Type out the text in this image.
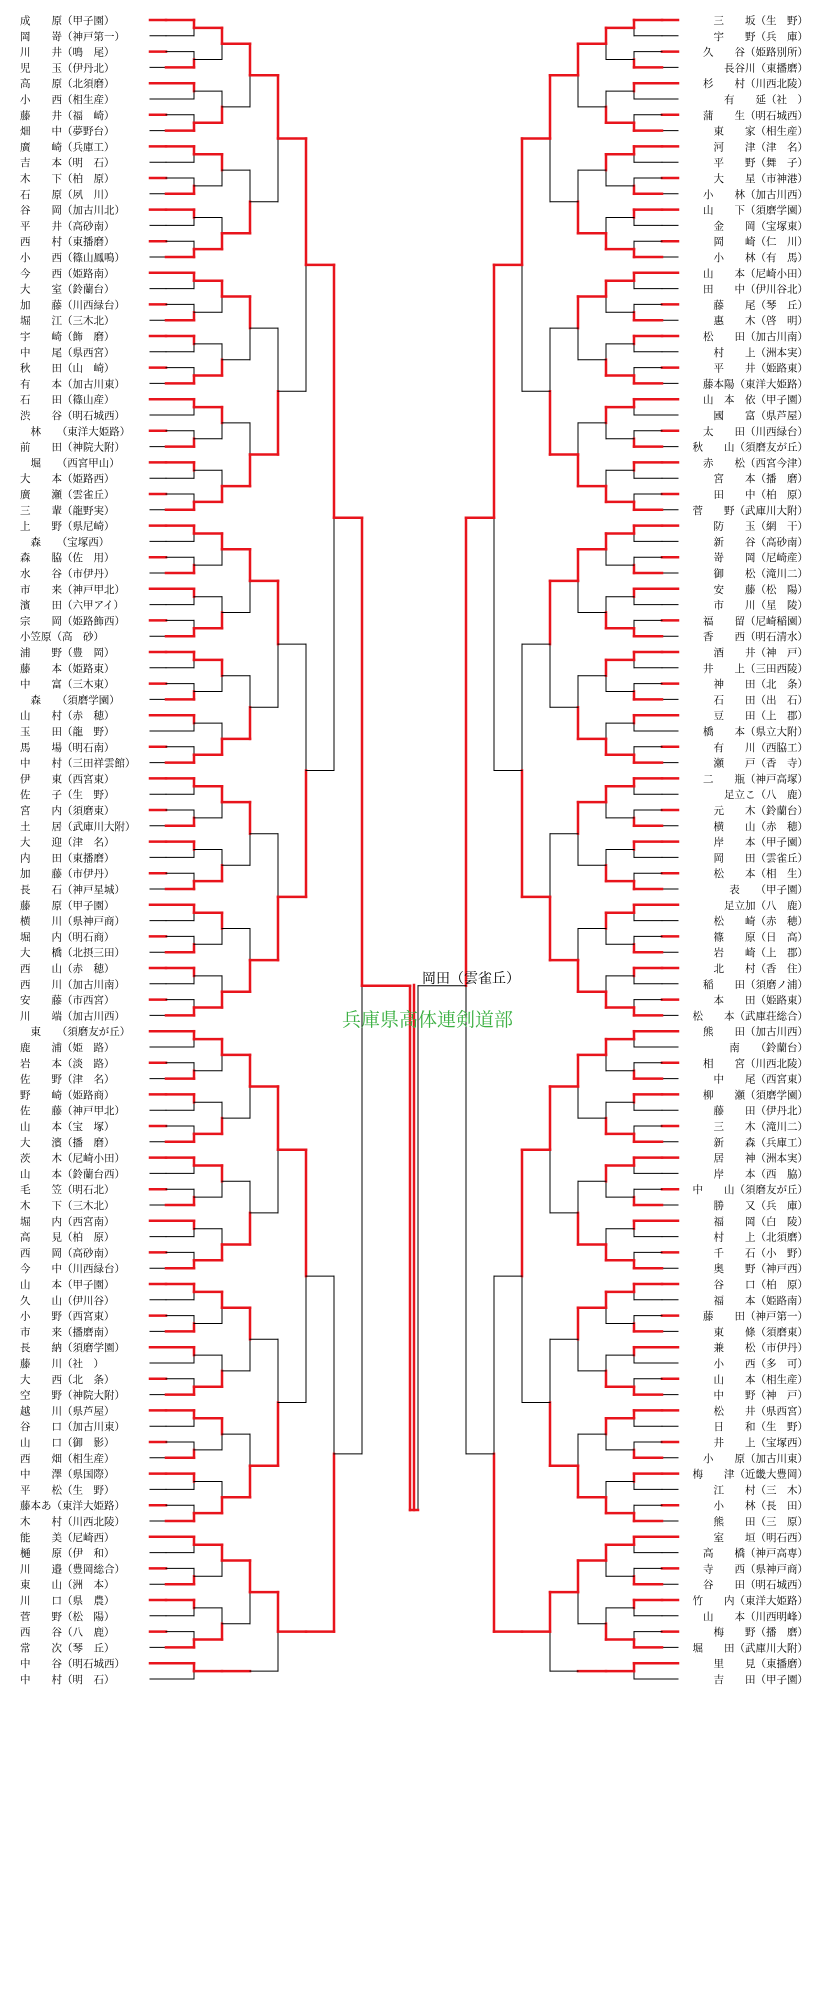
成　　原（甲子園）
岡　　嵜（神戸第一）
川　　井（鳴　尾）
児　　玉（伊丹北）
高　　原（北須磨）
小　　西（相生産）
藤　　井（福　崎）
畑　　中（夢野台）
廣　　崎（兵庫工）
吉　　本（明　石）
木　　下（柏　原）
石　　原（夙　川）
谷　　岡（加古川北）
平　　井（高砂南）
西　　村（東播磨）
小　　西（篠山鳳鳴）
今　　西（姫路南）
大　　室（鈴蘭台）
加　　藤（川西緑台）
堀　　江（三木北）
宇　　崎（飾　磨）
中　　尾（県西宮）
秋　　田（山　崎）
有　　本（加古川東）
石　　田（篠山産）
渋　　谷（明石城西）
　林　　（東洋大姫路）
前　　田（神院大附）
　堀　　（西宮甲山）
大　　本（姫路西）
廣　　瀬（雲雀丘）
三　　輩（龍野実）
上　　野（県尼崎）
　森　　（宝塚西）
森　　脇（佐　用）
水　　谷（市伊丹）
市　　来（神戸甲北）
濱　　田（六甲アイ）
宗　　岡（姫路飾西）
小笠原（高　砂）
浦　　野（豊　岡）
藤　　本（姫路東）
中　　富（三木東）
　森　　（須磨学園）
山　　村（赤　穂）
玉　　田（龍　野）
馬　　場（明石南）
中　　村（三田祥雲館）
伊　　東（西宮東）
佐　　子（生　野）
宮　　内（須磨東）
土　　居（武庫川大附）
大　　迎（津　名）
内　　田（東播磨）
加　　藤（市伊丹）
長　　石（神戸星城）
藤　　原（甲子園）
横　　川（県神戸商）
堀　　内（明石商）
大　　橋（北摂三田）
西　　山（赤　穂）
西　　川（加古川南）
安　　藤（市西宮）
川　　端（加古川西）
　東　　（須磨友が丘）
鹿　　浦（姫　路）
岩　　本（淡　路）
佐　　野（津　名）
野　　崎（姫路商）
佐　　藤（神戸甲北）
山　　本（宝　塚）
大　　濱（播　磨）
茨　　木（尼崎小田）
山　　本（鈴蘭台西）
毛　　笠（明石北）
木　　下（三木北）
堀　　内（西宮南）
高　　見（柏　原）
西　　岡（高砂南）
今　　中（川西緑台）
山　　本（甲子園）
久　　山（伊川谷）
小　　野（西宮東）
市　　来（播磨南）
長　　納（須磨学園）
藤　　川（社　）
大　　西（北　条）
空　　野（神院大附）
越　　川（県芦屋）
谷　　口（加古川東）
山　　口（御　影）
西　　畑（相生産）
中　　澤（県国際）
平　　松（生　野）
藤本あ（東洋大姫路）
木　　村（川西北陵）
能　　美（尼崎西）
樋　　原（伊　和）
川　　邉（豊岡総合）
東　　山（洲　本）
川　　口（県　農）
菅　　野（松　陽）
西　　谷（八　鹿）
常　　次（琴　丘）
中　　谷（明石城西）
中　　村（明　石）
三　　坂（生　野）
宇　　野（兵　庫）
久　　谷（姫路別所）
長谷川（東播磨）
杉　　村（川西北陵）
有　　延（社　）
蒲　　生（明石城西）
東　　家（相生産）
河　　津（津　名）
平　　野（舞　子）
大　　星（市神港）
小　　林（加古川西）
山　　下（須磨学園）
金　　岡（宝塚東）
岡　　崎（仁　川）
小　　林（有　馬）
山　　本（尼崎小田）
田　　中（伊川谷北）
藤　　尾（琴　丘）
惠　　木（啓　明）
松　　田（加古川南）
村　　上（洲本実）
平　　井（姫路東）
藤本陽（東洋大姫路）
山　本　依（甲子園）
國　　富（県芦屋）
太　　田（川西緑台）
秋　　山（須磨友が丘）
赤　　松（西宮今津）
宮　　本（播　磨）
田　　中（柏　原）
菅　　野（武庫川大附）
防　　玉（網　干）
新　　谷（高砂南）
嵜　　岡（尼崎産）
御　　松（滝川二）
安　　藤（松　陽）
市　　川（星　陵）
福　　留（尼崎稲園）
香　　西（明石清水）
酒　　井（神　戸）
井　　上（三田西陵）
神　　田（北　条）
石　　田（出　石）
豆　　田（上　郡）
橋　　本（県立大附）
有　　川（西脇工）
瀬　　戸（香　寺）
二　　瓶（神戸高塚）
足立こ（八　鹿）
元　　木（鈴蘭台）
横　　山（赤　穂）
岸　　本（甲子園）
岡　　田（雲雀丘）
松　　本（相　生）
　表　　（甲子園）
足立加（八　鹿）
松　　崎（赤　穂）
篠　　原（日　高）
岩　　崎（上　郡）
北　　村（香　住）
稲　　田（須磨ノ浦）
本　　田（姫路東）
松　　本（武庫荘総合）
熊　　田（加古川西）
　南　　（鈴蘭台）
相　　宮（川西北陵）
中　　尾（西宮東）
柳　　瀬（須磨学園）
藤　　田（伊丹北）
三　　木（滝川二）
新　　森（兵庫工）
居　　神（洲本実）
岸　　本（西　脇）
中　　山（須磨友が丘）
勝　　又（兵　庫）
福　　岡（白　陵）
村　　上（北須磨）
千　　石（小　野）
奥　　野（神戸西）
谷　　口（柏　原）
福　　本（姫路南）
藤　　田（神戸第一）
東　　條（須磨東）
兼　　松（市伊丹）
小　　西（多　可）
山　　本（相生産）
中　　野（神　戸）
松　　井（県西宮）
日　　和（生　野）
井　　上（宝塚西）
小　　原（加古川東）
梅　　津（近畿大豊岡）
江　　村（三　木）
小　　林（長　田）
熊　　田（三　原）
室　　垣（明石西）
高　　橋（神戸高専）
寺　　西（県神戸商）
谷　　田（明石城西）
竹　　内（東洋大姫路）
山　　本（川西明峰）
梅　　野（播　磨）
堀　　田（武庫川大附）
里　　見（東播磨）
吉　　田（甲子園）
岡田（雲雀丘）
兵庫県高体連剣道部
